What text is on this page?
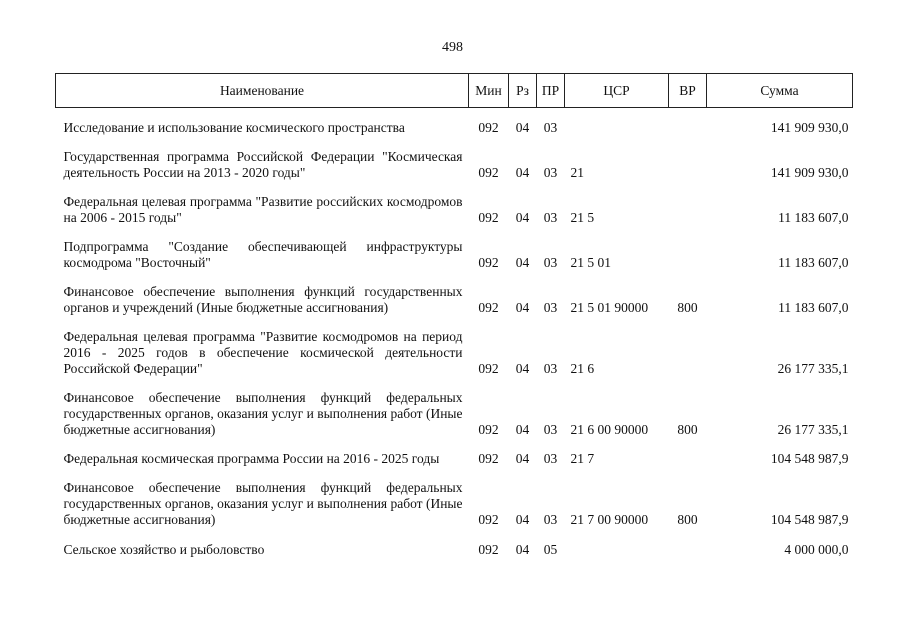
498
Наименование	Мин	Рз	ПР	ЦСР	ВР	Сумма
Исследование и использование космического пространства	092	04	03			141 909 930,0
Государственная программа Российской Федерации "Космическая деятельность России на 2013 - 2020 годы"	092	04	03	21		141 909 930,0
Федеральная целевая программа "Развитие российских космодромов на 2006 - 2015 годы"	092	04	03	21 5		11 183 607,0
Подпрограмма "Создание обеспечивающей инфраструктуры космодрома "Восточный"	092	04	03	21 5 01		11 183 607,0
Финансовое обеспечение выполнения функций государственных органов и учреждений (Иные бюджетные ассигнования)	092	04	03	21 5 01 90000	800	11 183 607,0
Федеральная целевая программа "Развитие космодромов на период 2016 - 2025 годов в обеспечение космической деятельности Российской Федерации"	092	04	03	21 6		26 177 335,1
Финансовое обеспечение выполнения функций федеральных государственных органов, оказания услуг и выполнения работ (Иные бюджетные ассигнования)	092	04	03	21 6 00 90000	800	26 177 335,1
Федеральная космическая программа России на 2016 - 2025 годы	092	04	03	21 7		104 548 987,9
Финансовое обеспечение выполнения функций федеральных государственных органов, оказания услуг и выполнения работ (Иные бюджетные ассигнования)	092	04	03	21 7 00 90000	800	104 548 987,9
Сельское хозяйство и рыболовство	092	04	05			4 000 000,0
